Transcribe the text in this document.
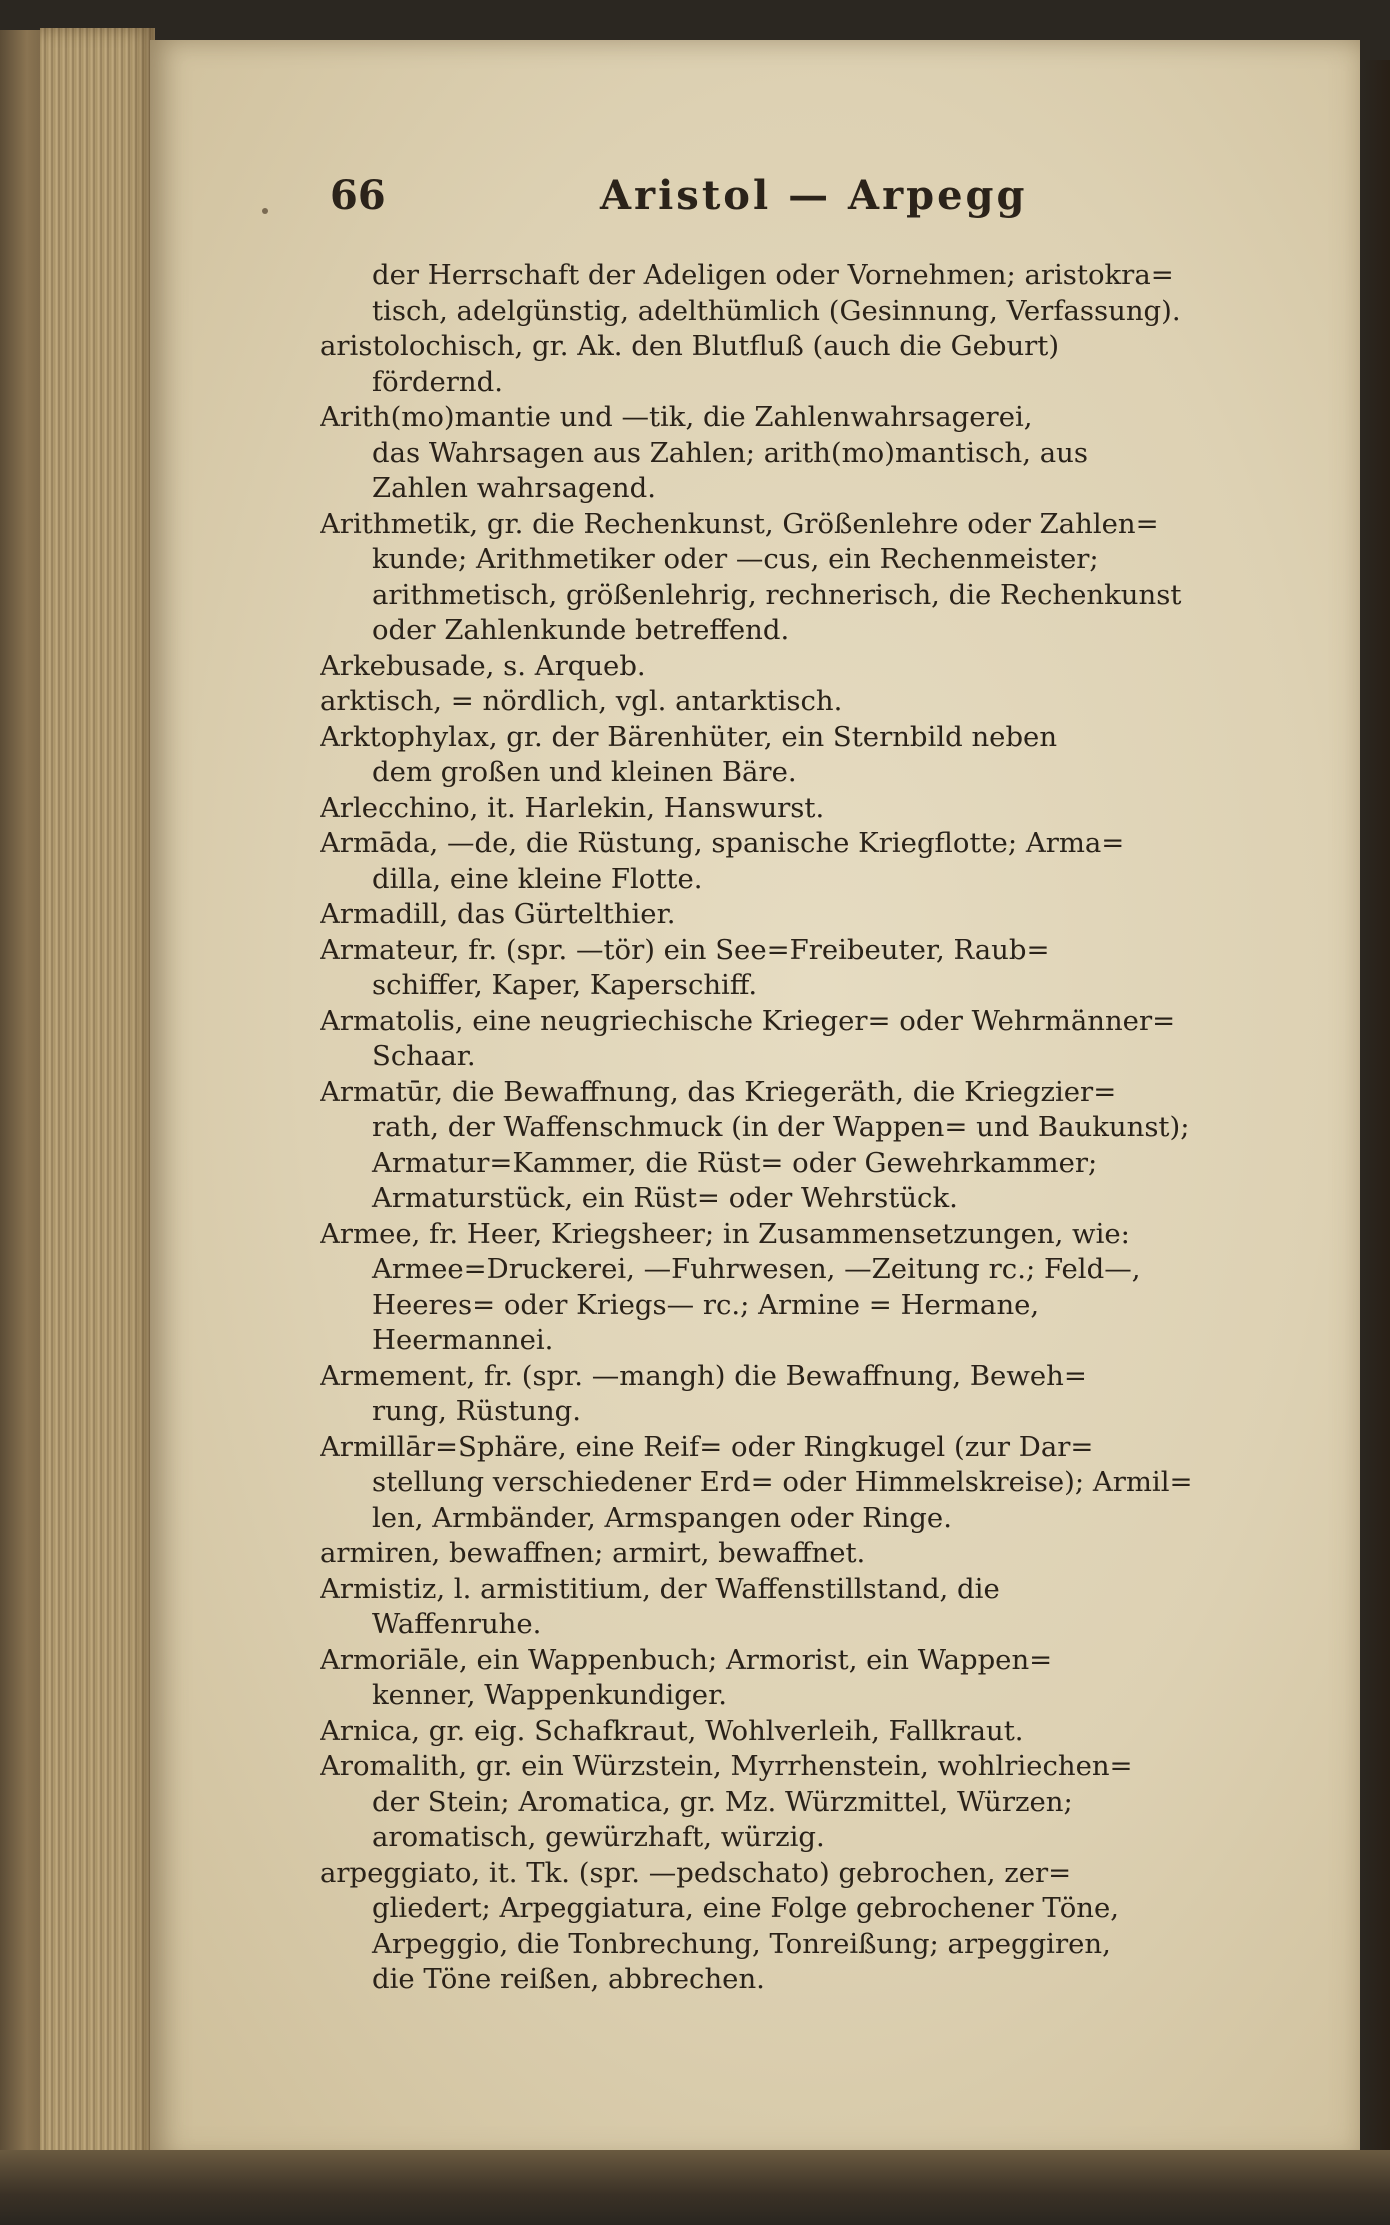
66	Aristol — Arpegg
der Herrschaft der Adeligen oder Vornehmen; aristokra=
tisch, adelgünstig, adelthümlich (Gesinnung, Verfassung).
aristolochisch, gr. Ak. den Blutfluß (auch die Geburt)
fördernd.
Arith(mo)mantie und —tik, die Zahlenwahrsagerei,
das Wahrsagen aus Zahlen; arith(mo)mantisch, aus
Zahlen wahrsagend.
Arithmetik, gr. die Rechenkunst, Größenlehre oder Zahlen=
kunde; Arithmetiker oder —cus, ein Rechenmeister;
arithmetisch, größenlehrig, rechnerisch, die Rechenkunst
oder Zahlenkunde betreffend.
Arkebusade, s. Arqueb.
arktisch, = nördlich, vgl. antarktisch.
Arktophylax, gr. der Bärenhüter, ein Sternbild neben
dem großen und kleinen Bäre.
Arlecchino, it. Harlekin, Hanswurst.
Armāda, —de, die Rüstung, spanische Kriegflotte; Arma=
dilla, eine kleine Flotte.
Armadill, das Gürtelthier.
Armateur, fr. (spr. —tör) ein See=Freibeuter, Raub=
schiffer, Kaper, Kaperschiff.
Armatolis, eine neugriechische Krieger= oder Wehrmänner=
Schaar.
Armatūr, die Bewaffnung, das Kriegeräth, die Kriegzier=
rath, der Waffenschmuck (in der Wappen= und Baukunst);
Armatur=Kammer, die Rüst= oder Gewehrkammer;
Armaturstück, ein Rüst= oder Wehrstück.
Armee, fr. Heer, Kriegsheer; in Zusammensetzungen, wie:
Armee=Druckerei, —Fuhrwesen, —Zeitung rc.; Feld—,
Heeres= oder Kriegs— rc.; Armine = Hermane,
Heermannei.
Armement, fr. (spr. —mangh) die Bewaffnung, Beweh=
rung, Rüstung.
Armillār=Sphäre, eine Reif= oder Ringkugel (zur Dar=
stellung verschiedener Erd= oder Himmelskreise); Armil=
len, Armbänder, Armspangen oder Ringe.
armiren, bewaffnen; armirt, bewaffnet.
Armistiz, l. armistitium, der Waffenstillstand, die
Waffenruhe.
Armoriāle, ein Wappenbuch; Armorist, ein Wappen=
kenner, Wappenkundiger.
Arnica, gr. eig. Schafkraut, Wohlverleih, Fallkraut.
Aromalith, gr. ein Würzstein, Myrrhenstein, wohlriechen=
der Stein; Aromatica, gr. Mz. Würzmittel, Würzen;
aromatisch, gewürzhaft, würzig.
arpeggiato, it. Tk. (spr. —pedschato) gebrochen, zer=
gliedert; Arpeggiatura, eine Folge gebrochener Töne,
Arpeggio, die Tonbrechung, Tonreißung; arpeggiren,
die Töne reißen, abbrechen.
